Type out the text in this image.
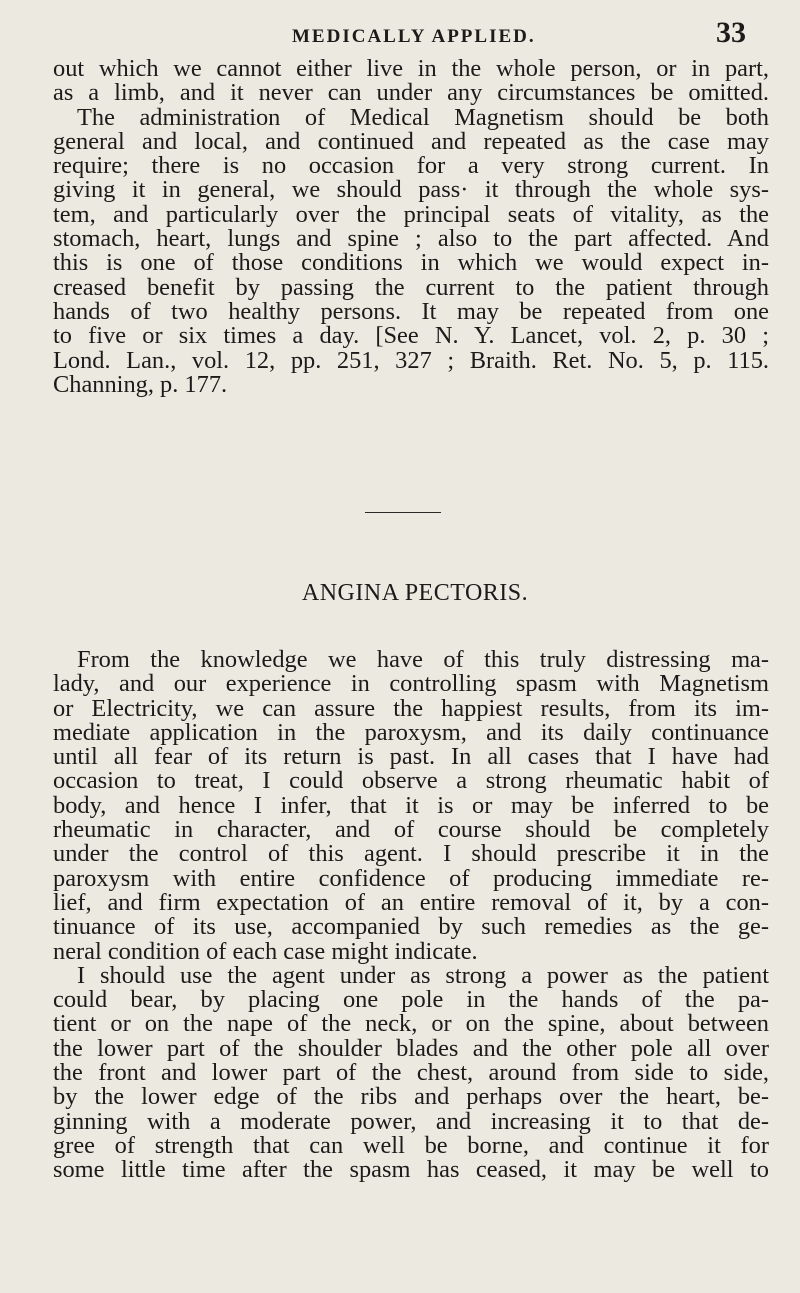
MEDICALLY APPLIED.	33
out which we cannot either live in the whole person, or in part,
as a limb, and it never can under any circumstances be omitted.
The administration of Medical Magnetism should be both
general and local, and continued and repeated as the case may
require; there is no occasion for a very strong current. In
giving it in general, we should pass· it through the whole sys-
tem, and particularly over the principal seats of vitality, as the
stomach, heart, lungs and spine ; also to the part affected. And
this is one of those conditions in which we would expect in-
creased benefit by passing the current to the patient through
hands of two healthy persons. It may be repeated from one
to five or six times a day. [See N. Y. Lancet, vol. 2, p. 30 ;
Lond. Lan., vol. 12, pp. 251, 327 ; Braith. Ret. No. 5, p. 115.
Channing, p. 177.
ANGINA PECTORIS.
From the knowledge we have of this truly distressing ma-
lady, and our experience in controlling spasm with Magnetism
or Electricity, we can assure the happiest results, from its im-
mediate application in the paroxysm, and its daily continuance
until all fear of its return is past. In all cases that I have had
occasion to treat, I could observe a strong rheumatic habit of
body, and hence I infer, that it is or may be inferred to be
rheumatic in character, and of course should be completely
under the control of this agent. I should prescribe it in the
paroxysm with entire confidence of producing immediate re-
lief, and firm expectation of an entire removal of it, by a con-
tinuance of its use, accompanied by such remedies as the ge-
neral condition of each case might indicate.
I should use the agent under as strong a power as the patient
could bear, by placing one pole in the hands of the pa-
tient or on the nape of the neck, or on the spine, about between
the lower part of the shoulder blades and the other pole all over
the front and lower part of the chest, around from side to side,
by the lower edge of the ribs and perhaps over the heart, be-
ginning with a moderate power, and increasing it to that de-
gree of strength that can well be borne, and continue it for
some little time after the spasm has ceased, it may be well to
